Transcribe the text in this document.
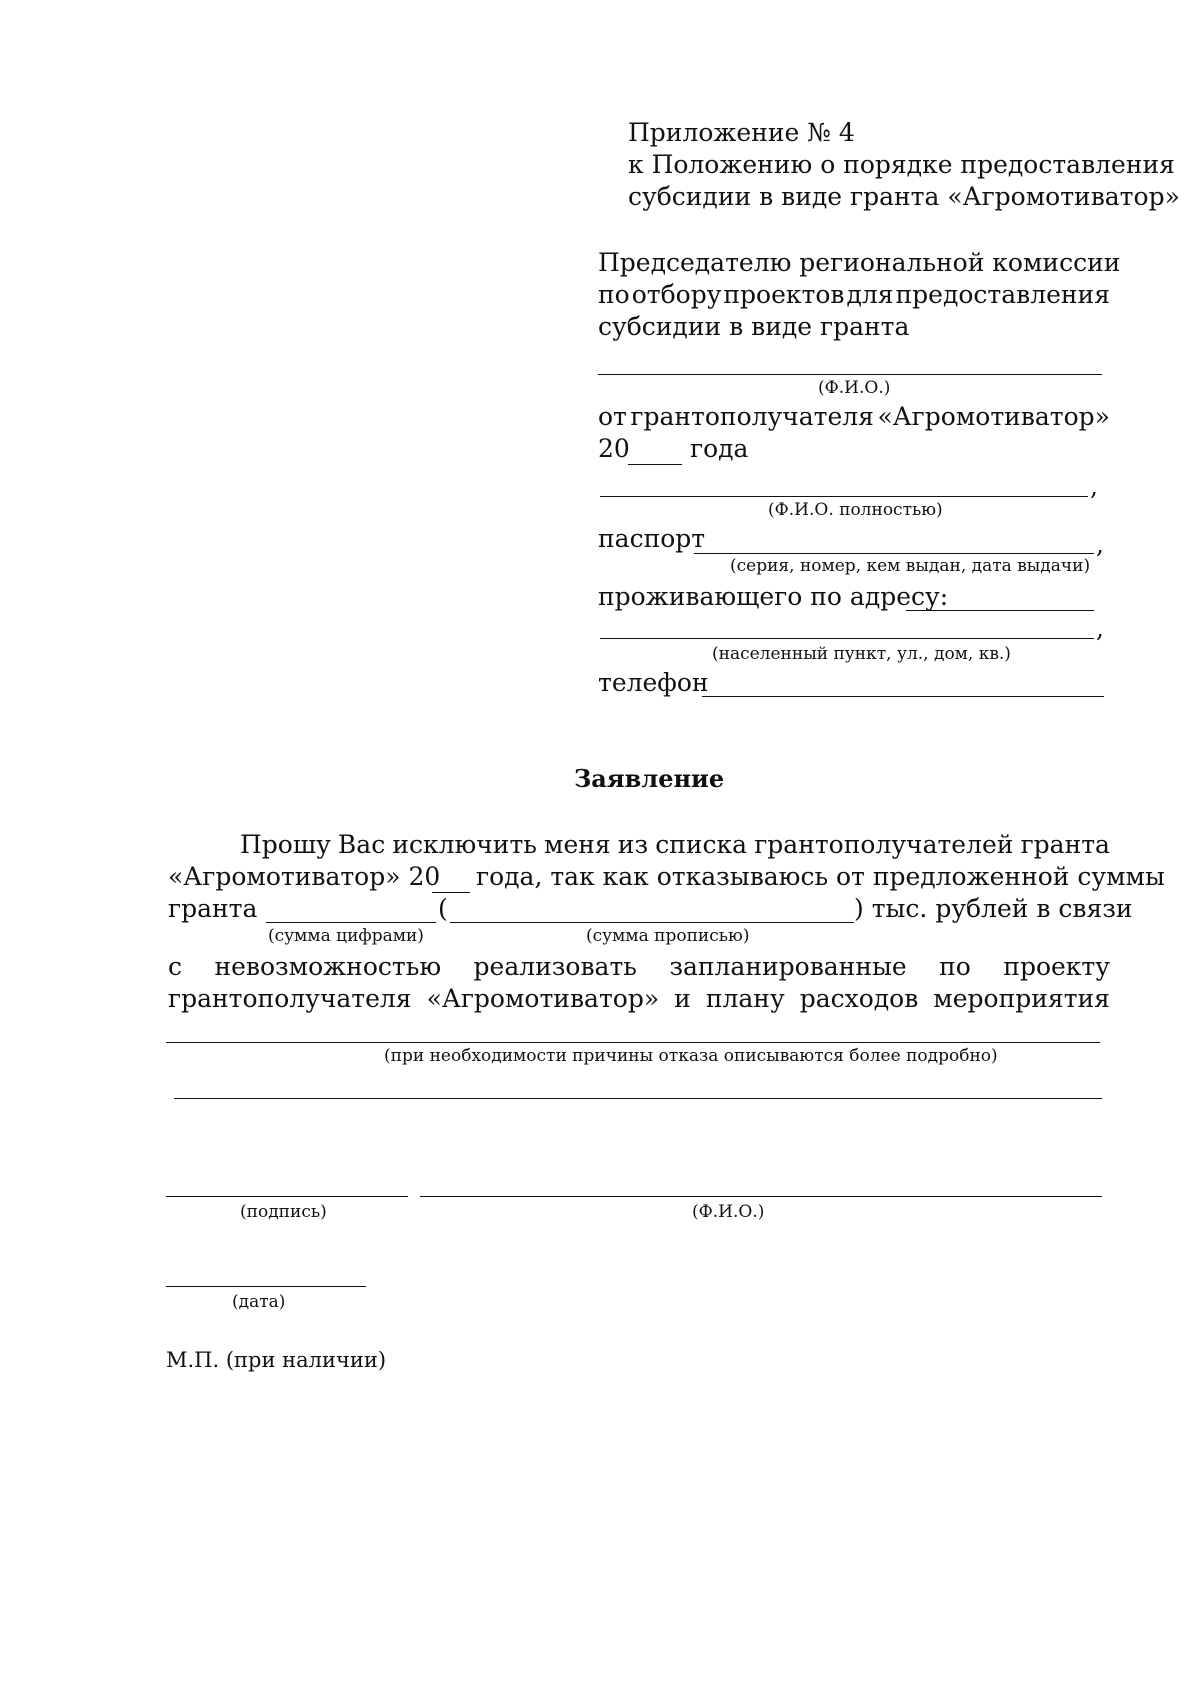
Приложение № 4
к Положению о порядке предоставления
субсидии в виде гранта «Агромотиватор»
Председателю региональной комиссии
по отбору проектов для предоставления
субсидии в виде гранта
(Ф.И.О.)
от грантополучателя «Агромотиватор»
20 года
,
(Ф.И.О. полностью)
паспорт	,
(серия, номер, кем выдан, дата выдачи)
проживающего по адресу:
,
(населенный пункт, ул., дом, кв.)
телефон
Заявление
Прошу Вас исключить меня из списка грантополучателей гранта
«Агромотиватор» 20 года, так как отказываюсь от предложенной суммы
гранта	(	) тыс. рублей в связи
(сумма цифрами)	(сумма прописью)
с невозможностью реализовать запланированные по проекту
грантополучателя «Агромотиватор» и плану расходов мероприятия
(при необходимости причины отказа описываются более подробно)
(подпись)	(Ф.И.О.)
(дата)
М.П. (при наличии)
